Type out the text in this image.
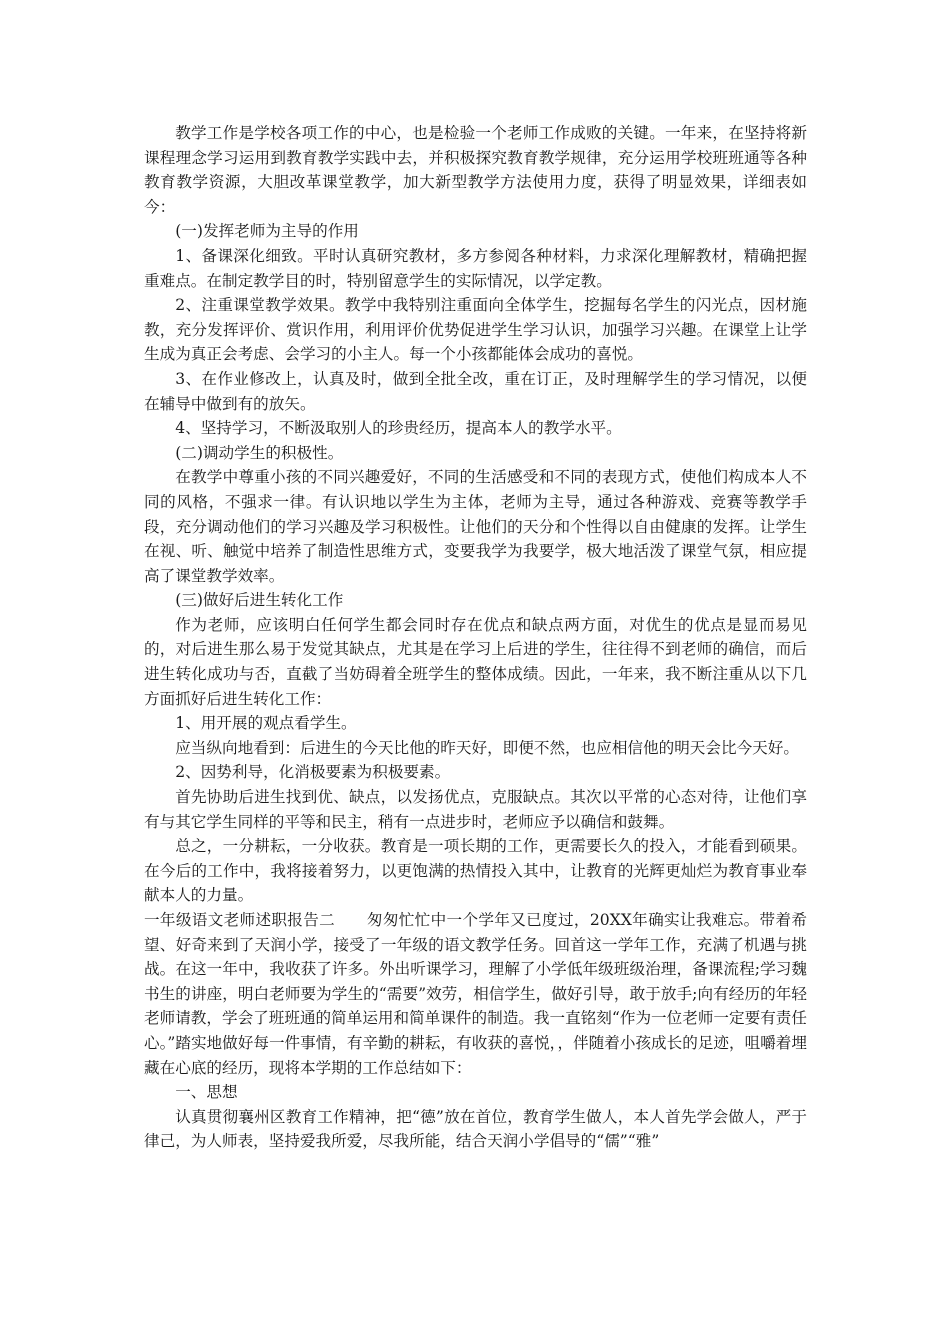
教学工作是学校各项工作的中心，也是检验一个老师工作成败的关键。一年来，在坚持将新课程理念学习运用到教育教学实践中去，并积极探究教育教学规律，充分运用学校班班通等各种教育教学资源，大胆改革课堂教学，加大新型教学方法使用力度，获得了明显效果，详细表如今：

(一)发挥老师为主导的作用

1、备课深化细致。平时认真研究教材，多方参阅各种材料，力求深化理解教材，精确把握重难点。在制定教学目的时，特别留意学生的实际情况，以学定教。

2、注重课堂教学效果。教学中我特别注重面向全体学生，挖掘每名学生的闪光点，因材施教，充分发挥评价、赏识作用，利用评价优势促进学生学习认识，加强学习兴趣。在课堂上让学生成为真正会考虑、会学习的小主人。每一个小孩都能体会成功的喜悦。

3、在作业修改上，认真及时，做到全批全改，重在订正，及时理解学生的学习情况，以便在辅导中做到有的放矢。

4、坚持学习，不断汲取别人的珍贵经历，提高本人的教学水平。

(二)调动学生的积极性。

在教学中尊重小孩的不同兴趣爱好，不同的生活感受和不同的表现方式，使他们构成本人不同的风格，不强求一律。有认识地以学生为主体，老师为主导，通过各种游戏、竞赛等教学手段，充分调动他们的学习兴趣及学习积极性。让他们的天分和个性得以自由健康的发挥。让学生在视、听、触觉中培养了制造性思维方式，变要我学为我要学，极大地活泼了课堂气氛，相应提高了课堂教学效率。

(三)做好后进生转化工作

作为老师，应该明白任何学生都会同时存在优点和缺点两方面，对优生的优点是显而易见的，对后进生那么易于发觉其缺点，尤其是在学习上后进的学生，往往得不到老师的确信，而后进生转化成功与否，直截了当妨碍着全班学生的整体成绩。因此，一年来，我不断注重从以下几方面抓好后进生转化工作：

1、用开展的观点看学生。

应当纵向地看到：后进生的今天比他的昨天好，即便不然，也应相信他的明天会比今天好。

2、因势利导，化消极要素为积极要素。

首先协助后进生找到优、缺点，以发扬优点，克服缺点。其次以平常的心态对待，让他们享有与其它学生同样的平等和民主，稍有一点进步时，老师应予以确信和鼓舞。

总之，一分耕耘，一分收获。教育是一项长期的工作，更需要长久的投入，才能看到硕果。在今后的工作中，我将接着努力，以更饱满的热情投入其中，让教育的光辉更灿烂为教育事业奉献本人的力量。

一年级语文老师述职报告二　　匆匆忙忙中一个学年又已度过，20XX年确实让我难忘。带着希望、好奇来到了天润小学，接受了一年级的语文教学任务。回首这一学年工作，充满了机遇与挑战。在这一年中，我收获了许多。外出听课学习，理解了小学低年级班级治理，备课流程;学习魏书生的讲座，明白老师要为学生的“需要”效劳，相信学生，做好引导，敢于放手;向有经历的年轻老师请教，学会了班班通的简单运用和简单课件的制造。我一直铭刻“作为一位老师一定要有责任心。”踏实地做好每一件事情，有辛勤的耕耘，有收获的喜悦，，伴随着小孩成长的足迹，咀嚼着埋藏在心底的经历，现将本学期的工作总结如下：

一、思想

认真贯彻襄州区教育工作精神，把“德”放在首位，教育学生做人，本人首先学会做人，严于律己，为人师表，坚持爱我所爱，尽我所能，结合天润小学倡导的“儒”“雅”
